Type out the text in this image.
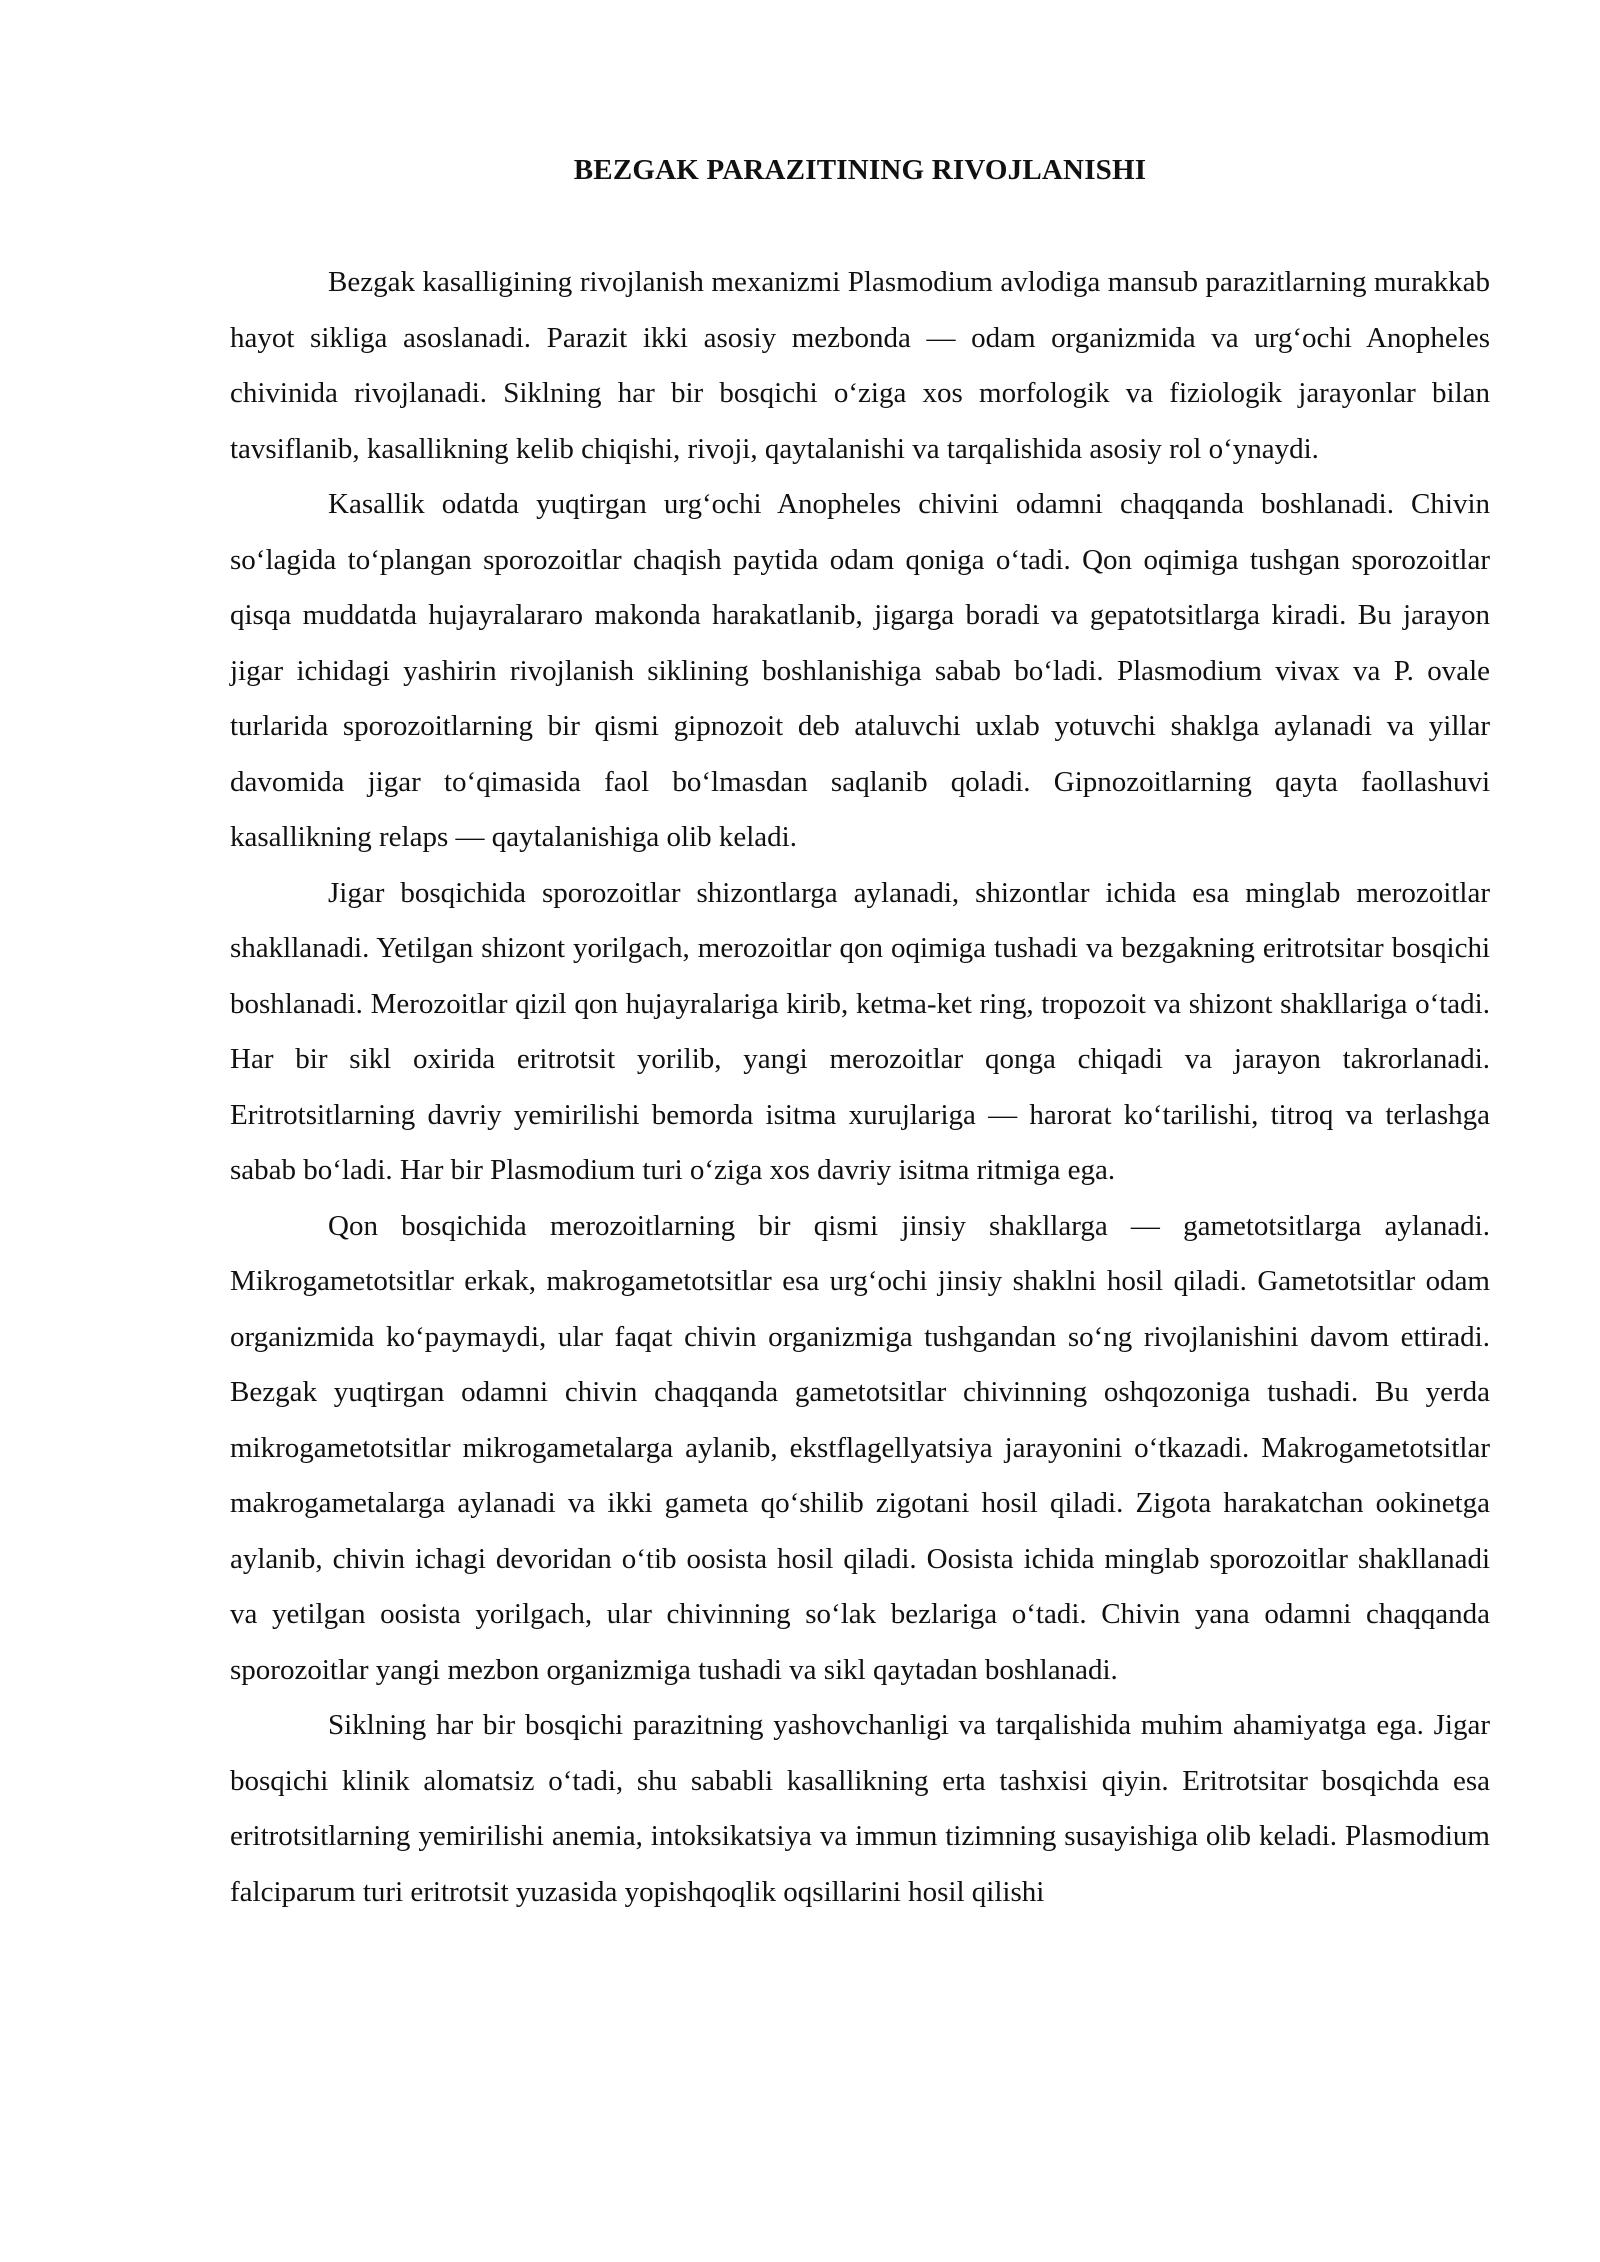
BEZGAK PARAZITINING RIVOJLANISHI

Bezgak kasalligining rivojlanish mexanizmi Plasmodium avlodiga mansub parazitlarning murakkab hayot sikliga asoslanadi. Parazit ikki asosiy mezbonda — odam organizmida va urg‘ochi Anopheles chivinida rivojlanadi. Siklning har bir bosqichi o‘ziga xos morfologik va fiziologik jarayonlar bilan tavsiflanib, kasallikning kelib chiqishi, rivoji, qaytalanishi va tarqalishida asosiy rol o‘ynaydi.

Kasallik odatda yuqtirgan urg‘ochi Anopheles chivini odamni chaqqanda boshlanadi. Chivin so‘lagida to‘plangan sporozoitlar chaqish paytida odam qoniga o‘tadi. Qon oqimiga tushgan sporozoitlar qisqa muddatda hujayralararo makonda harakatlanib, jigarga boradi va gepatotsitlarga kiradi. Bu jarayon jigar ichidagi yashirin rivojlanish siklining boshlanishiga sabab bo‘ladi. Plasmodium vivax va P. ovale turlarida sporozoitlarning bir qismi gipnozoit deb ataluvchi uxlab yotuvchi shaklga aylanadi va yillar davomida jigar to‘qimasida faol bo‘lmasdan saqlanib qoladi. Gipnozoitlarning qayta faollashuvi kasallikning relaps — qaytalanishiga olib keladi.

Jigar bosqichida sporozoitlar shizontlarga aylanadi, shizontlar ichida esa minglab merozoitlar shakllanadi. Yetilgan shizont yorilgach, merozoitlar qon oqimiga tushadi va bezgakning eritrotsitar bosqichi boshlanadi. Merozoitlar qizil qon hujayralariga kirib, ketma-ket ring, tropozoit va shizont shakllariga o‘tadi. Har bir sikl oxirida eritrotsit yorilib, yangi merozoitlar qonga chiqadi va jarayon takrorlanadi. Eritrotsitlarning davriy yemirilishi bemorda isitma xurujlariga — harorat ko‘tarilishi, titroq va terlashga sabab bo‘ladi. Har bir Plasmodium turi o‘ziga xos davriy isitma ritmiga ega.

Qon bosqichida merozoitlarning bir qismi jinsiy shakllarga — gametotsitlarga aylanadi. Mikrogametotsitlar erkak, makrogametotsitlar esa urg‘ochi jinsiy shaklni hosil qiladi. Gametotsitlar odam organizmida ko‘paymaydi, ular faqat chivin organizmiga tushgandan so‘ng rivojlanishini davom ettiradi. Bezgak yuqtirgan odamni chivin chaqqanda gametotsitlar chivinning oshqozoniga tushadi. Bu yerda mikrogametotsitlar mikrogametalarga aylanib, ekstflagellyatsiya jarayonini o‘tkazadi. Makrogametotsitlar makrogametalarga aylanadi va ikki gameta qo‘shilib zigotani hosil qiladi. Zigota harakatchan ookinetga aylanib, chivin ichagi devoridan o‘tib oosista hosil qiladi. Oosista ichida minglab sporozoitlar shakllanadi va yetilgan oosista yorilgach, ular chivinning so‘lak bezlariga o‘tadi. Chivin yana odamni chaqqanda sporozoitlar yangi mezbon organizmiga tushadi va sikl qaytadan boshlanadi.

Siklning har bir bosqichi parazitning yashovchanligi va tarqalishida muhim ahamiyatga ega. Jigar bosqichi klinik alomatsiz o‘tadi, shu sababli kasallikning erta tashxisi qiyin. Eritrotsitar bosqichda esa eritrotsitlarning yemirilishi anemia, intoksikatsiya va immun tizimning susayishiga olib keladi. Plasmodium falciparum turi eritrotsit yuzasida yopishqoqlik oqsillarini hosil qilishi
